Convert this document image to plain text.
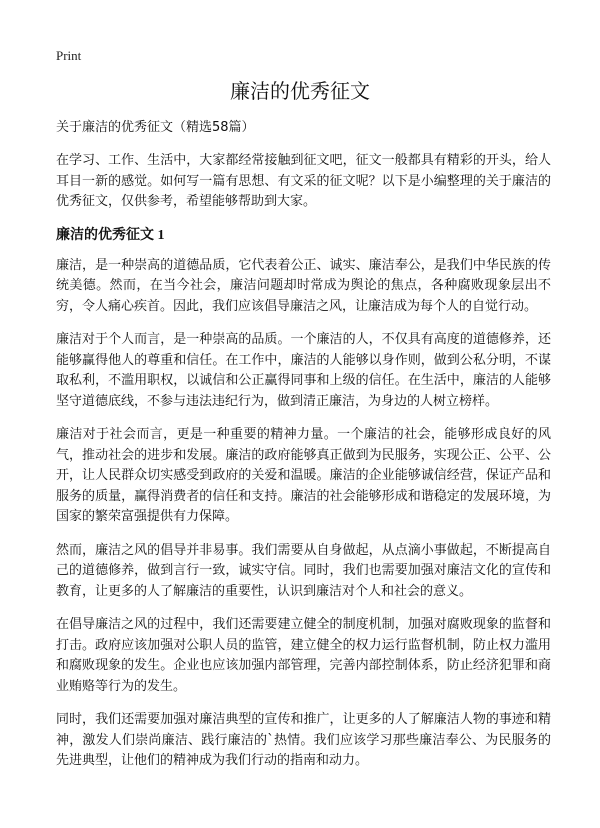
Print
廉洁的优秀征文

关于廉洁的优秀征文（精选58篇）

在学习、工作、生活中，大家都经常接触到征文吧，征文一般都具有精彩的开头，给人耳目一新的感觉。如何写一篇有思想、有文采的征文呢？以下是小编整理的关于廉洁的优秀征文，仅供参考，希望能够帮助到大家。

廉洁的优秀征文 1

廉洁，是一种崇高的道德品质，它代表着公正、诚实、廉洁奉公，是我们中华民族的传统美德。然而，在当今社会，廉洁问题却时常成为舆论的焦点，各种腐败现象层出不穷，令人痛心疾首。因此，我们应该倡导廉洁之风，让廉洁成为每个人的自觉行动。

廉洁对于个人而言，是一种崇高的品质。一个廉洁的人，不仅具有高度的道德修养，还能够赢得他人的尊重和信任。在工作中，廉洁的人能够以身作则，做到公私分明，不谋取私利，不滥用职权，以诚信和公正赢得同事和上级的信任。在生活中，廉洁的人能够坚守道德底线，不参与违法违纪行为，做到清正廉洁，为身边的人树立榜样。

廉洁对于社会而言，更是一种重要的精神力量。一个廉洁的社会，能够形成良好的风气，推动社会的进步和发展。廉洁的政府能够真正做到为民服务，实现公正、公平、公开，让人民群众切实感受到政府的关爱和温暖。廉洁的企业能够诚信经营，保证产品和服务的质量，赢得消费者的信任和支持。廉洁的社会能够形成和谐稳定的发展环境，为国家的繁荣富强提供有力保障。

然而，廉洁之风的倡导并非易事。我们需要从自身做起，从点滴小事做起，不断提高自己的道德修养，做到言行一致，诚实守信。同时，我们也需要加强对廉洁文化的宣传和教育，让更多的人了解廉洁的重要性，认识到廉洁对个人和社会的意义。

在倡导廉洁之风的过程中，我们还需要建立健全的制度机制，加强对腐败现象的监督和打击。政府应该加强对公职人员的监管，建立健全的权力运行监督机制，防止权力滥用和腐败现象的发生。企业也应该加强内部管理，完善内部控制体系，防止经济犯罪和商业贿赂等行为的发生。

同时，我们还需要加强对廉洁典型的宣传和推广，让更多的人了解廉洁人物的事迹和精神，激发人们崇尚廉洁、践行廉洁的`热情。我们应该学习那些廉洁奉公、为民服务的先进典型，让他们的精神成为我们行动的指南和动力。
